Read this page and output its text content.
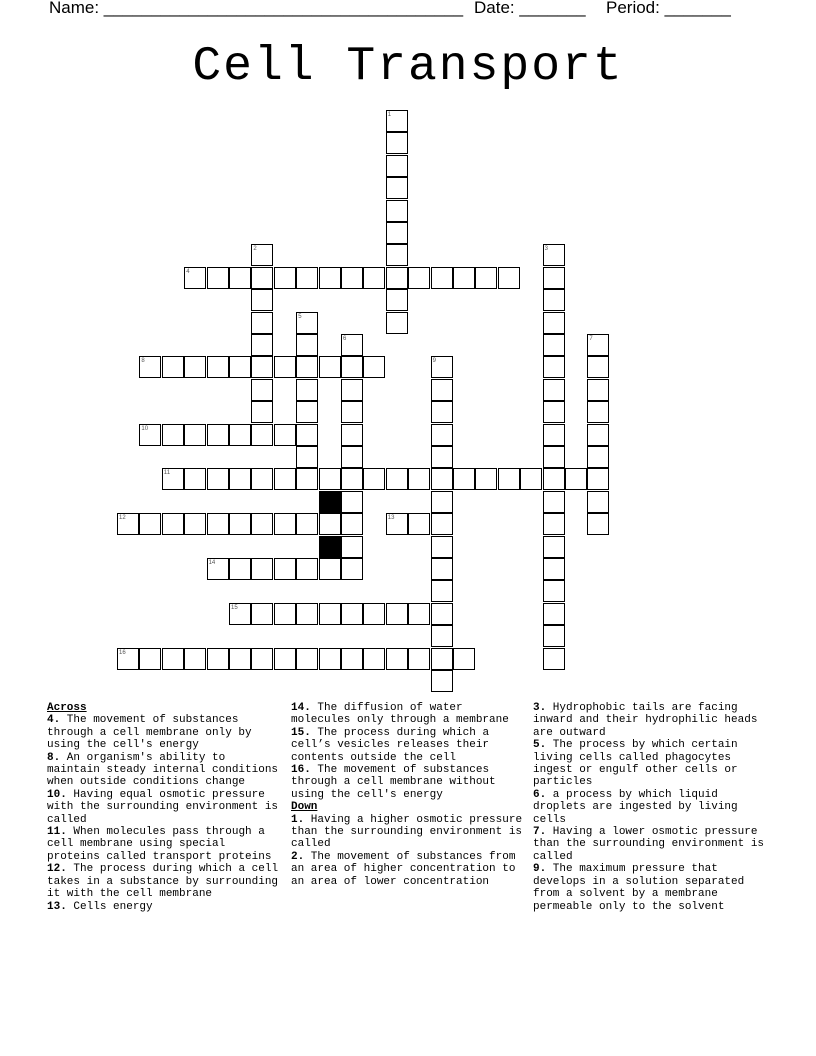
Name: ______________________________________ Date: _______ Period: _______
Cell Transport
1
2	3
4
5
6	7
8	9
10
11
12	13
14
15
16
Across
4. The movement of substances through a cell membrane only by using the cell's energy
8. An organism's ability to maintain steady internal conditions when outside conditions change
10. Having equal osmotic pressure with the surrounding environment is called
11. When molecules pass through a cell membrane using special proteins called transport proteins
12. The process during which a cell takes in a substance by surrounding it with the cell membrane
13. Cells energy
14. The diffusion of water molecules only through a membrane
15. The process during which a cell’s vesicles releases their contents outside the cell
16. The movement of substances through a cell membrane without using the cell's energy
Down
1. Having a higher osmotic pressure than the surrounding environment is called
2. The movement of substances from an area of higher concentration to an area of lower concentration
3. Hydrophobic tails are facing inward and their hydrophilic heads are outward
5. The process by which certain living cells called phagocytes ingest or engulf other cells or particles
6. a process by which liquid droplets are ingested by living cells
7. Having a lower osmotic pressure than the surrounding environment is called
9. The maximum pressure that develops in a solution separated from a solvent by a membrane permeable only to the solvent
